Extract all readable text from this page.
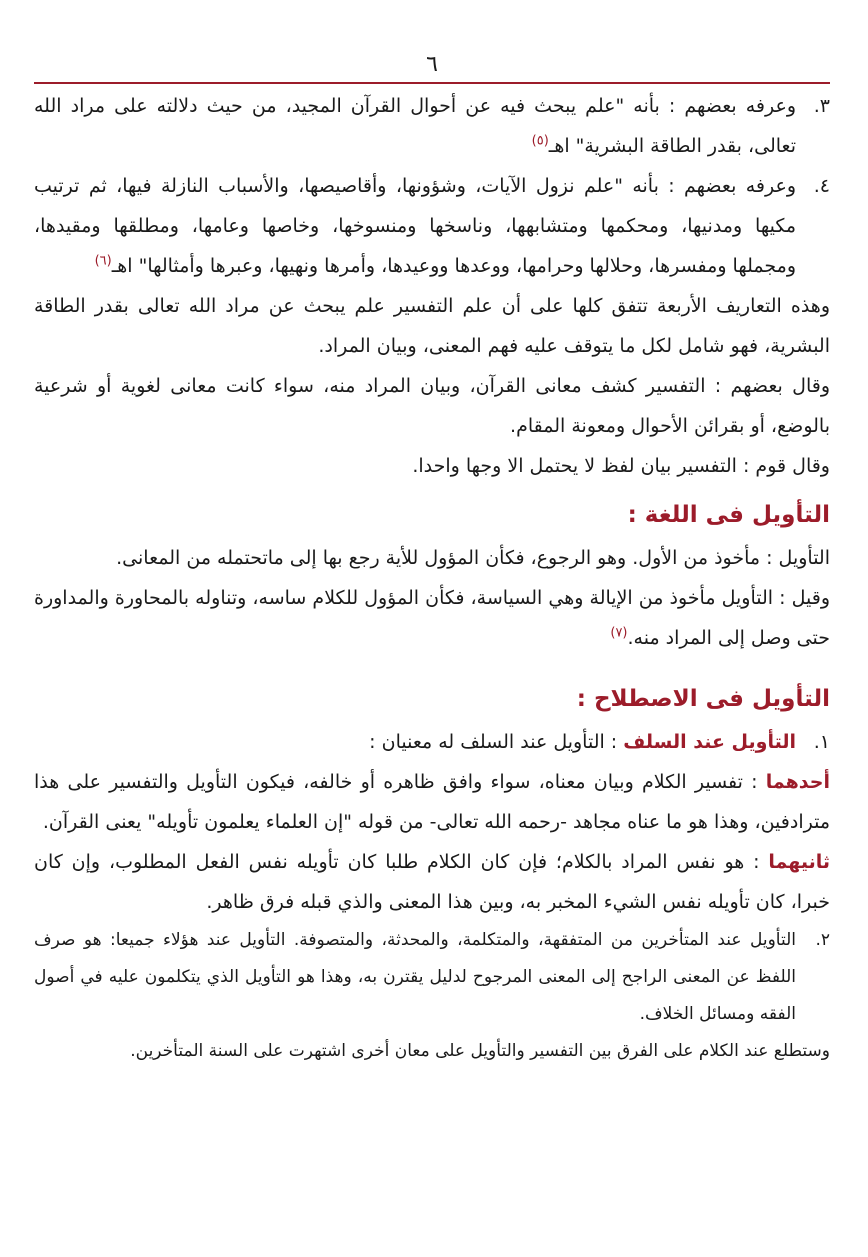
٦
٣.

وعرفه بعضهم : بأنه "علم يبحث فيه عن أحوال القرآن المجيد، من حيث دلالته على مراد الله تعالى، بقدر الطاقة البشرية" اهـ$^{(٥)}$

٤.

وعرفه بعضهم : بأنه "علم نزول الآيات، وشؤونها، وأقاصيصها، والأسباب النازلة فيها، ثم ترتيب مكيها ومدنيها، ومحكمها ومتشابهها، وناسخها ومنسوخها، وخاصها وعامها، ومطلقها ومقيدها، ومجملها ومفسرها، وحلالها وحرامها، ووعدها ووعيدها، وأمرها ونهيها، وعبرها وأمثالها" اهـ$^{(٦)}$

وهذه التعاريف الأربعة تتفق كلها على أن علم التفسير علم يبحث عن مراد الله تعالى بقدر الطاقة البشرية، فهو شامل لكل ما يتوقف عليه فهم المعنى، وبيان المراد.

وقال بعضهم : التفسير كشف معانى القرآن، وبيان المراد منه، سواء كانت معانى لغوية أو شرعية بالوضع، أو بقرائن الأحوال ومعونة المقام.

وقال قوم : التفسير بيان لفظ لا يحتمل الا وجها واحدا.

التأويل فى اللغة :

التأويل : مأخوذ من الأول. وهو الرجوع، فكأن المؤول للأية رجع بها إلى ماتحتمله من المعانى.

وقيل : التأويل مأخوذ من الإيالة وهي السياسة، فكأن المؤول للكلام ساسه، وتناوله بالمحاورة والمداورة حتى وصل إلى المراد منه.$^{(٧)}$

التأويل فى الاصطلاح :
١.

التأويل عند السلف : التأويل عند السلف له معنيان :

أحدهما : تفسير الكلام وبيان معناه، سواء وافق ظاهره أو خالفه، فيكون التأويل والتفسير على هذا مترادفين، وهذا هو ما عناه مجاهد -رحمه الله تعالى- من قوله "إن العلماء يعلمون تأويله" يعنى القرآن.

ثانيهما : هو نفس المراد بالكلام؛ فإن كان الكلام طلبا كان تأويله نفس الفعل المطلوب، وإن كان خبرا، كان تأويله نفس الشيء المخبر به، وبين هذا المعنى والذي قبله فرق ظاهر.

٢.

التأويل عند المتأخرين من المتفقهة، والمتكلمة، والمحدثة، والمتصوفة. التأويل عند هؤلاء جميعا: هو صرف اللفظ عن المعنى الراجح إلى المعنى المرجوح لدليل يقترن به، وهذا هو التأويل الذي يتكلمون عليه في أصول الفقه ومسائل الخلاف.

وستطلع عند الكلام على الفرق بين التفسير والتأويل على معان أخرى اشتهرت على السنة المتأخرين.
